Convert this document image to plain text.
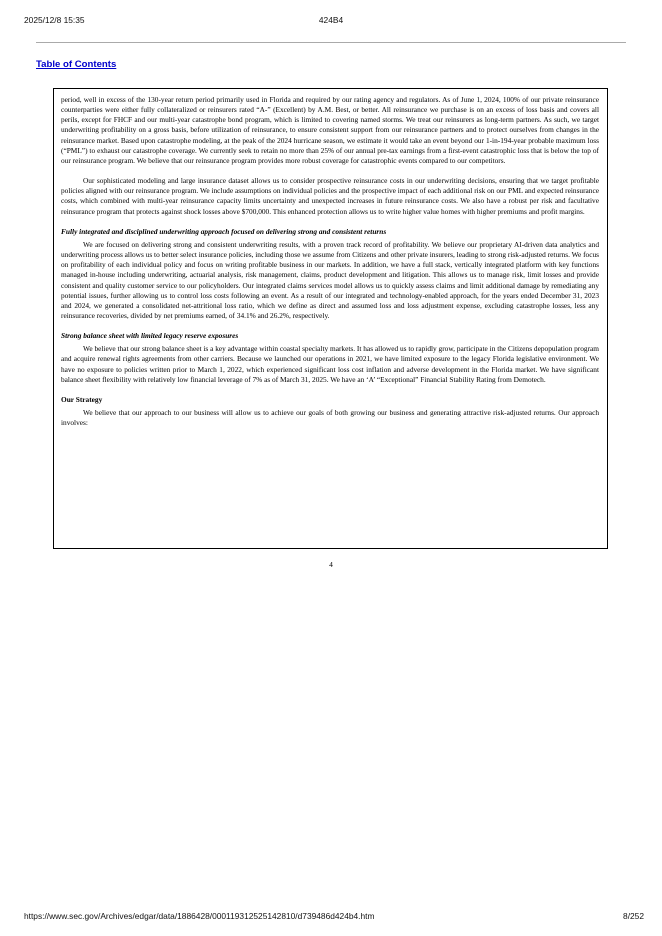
2025/12/8 15:35	424B4
Table of Contents

period, well in excess of the 130-year return period primarily used in Florida and required by our rating agency and regulators. As of June 1, 2024, 100% of our private reinsurance counterparties were either fully collateralized or reinsurers rated “A-” (Excellent) by A.M. Best, or better. All reinsurance we purchase is on an excess of loss basis and covers all perils, except for FHCF and our multi-year catastrophe bond program, which is limited to covering named storms. We treat our reinsurers as long-term partners. As such, we target underwriting profitability on a gross basis, before utilization of reinsurance, to ensure consistent support from our reinsurance partners and to protect ourselves from changes in the reinsurance market. Based upon catastrophe modeling, at the peak of the 2024 hurricane season, we estimate it would take an event beyond our 1-in-194-year probable maximum loss (“PML”) to exhaust our catastrophe coverage. We currently seek to retain no more than 25% of our annual pre-tax earnings from a first-event catastrophic loss that is below the top of our reinsurance program. We believe that our reinsurance program provides more robust coverage for catastrophic events compared to our competitors.

Our sophisticated modeling and large insurance dataset allows us to consider prospective reinsurance costs in our underwriting decisions, ensuring that we target profitable policies aligned with our reinsurance program. We include assumptions on individual policies and the prospective impact of each additional risk on our PML and expected reinsurance costs, which combined with multi-year reinsurance capacity limits uncertainty and unexpected increases in future reinsurance costs. We also have a robust per risk and facultative reinsurance program that protects against shock losses above $700,000. This enhanced protection allows us to write higher value homes with higher premiums and profit margins.

Fully integrated and disciplined underwriting approach focused on delivering strong and consistent returns

We are focused on delivering strong and consistent underwriting results, with a proven track record of profitability. We believe our proprietary AI-driven data analytics and underwriting process allows us to better select insurance policies, including those we assume from Citizens and other private insurers, leading to strong risk-adjusted returns. We focus on profitability of each individual policy and focus on writing profitable business in our markets. In addition, we have a full stack, vertically integrated platform with key functions managed in-house including underwriting, actuarial analysis, risk management, claims, product development and litigation. This allows us to manage risk, limit losses and provide consistent and quality customer service to our policyholders. Our integrated claims services model allows us to quickly assess claims and limit additional damage by remediating any potential issues, further allowing us to control loss costs following an event. As a result of our integrated and technology-enabled approach, for the years ended December 31, 2023 and 2024, we generated a consolidated net-attritional loss ratio, which we define as direct and assumed loss and loss adjustment expense, excluding catastrophe losses, less any reinsurance recoveries, divided by net premiums earned, of 34.1% and 26.2%, respectively.

Strong balance sheet with limited legacy reserve exposures

We believe that our strong balance sheet is a key advantage within coastal specialty markets. It has allowed us to rapidly grow, participate in the Citizens depopulation program and acquire renewal rights agreements from other carriers. Because we launched our operations in 2021, we have limited exposure to the legacy Florida legislative environment. We have no exposure to policies written prior to March 1, 2022, which experienced significant loss cost inflation and adverse development in the Florida market. We have significant balance sheet flexibility with relatively low financial leverage of 7% as of March 31, 2025. We have an ‘A’ “Exceptional” Financial Stability Rating from Demotech.

Our Strategy

We believe that our approach to our business will allow us to achieve our goals of both growing our business and generating attractive risk-adjusted returns. Our approach involves:

4
https://www.sec.gov/Archives/edgar/data/1886428/000119312525142810/d739486d424b4.htm	8/252
